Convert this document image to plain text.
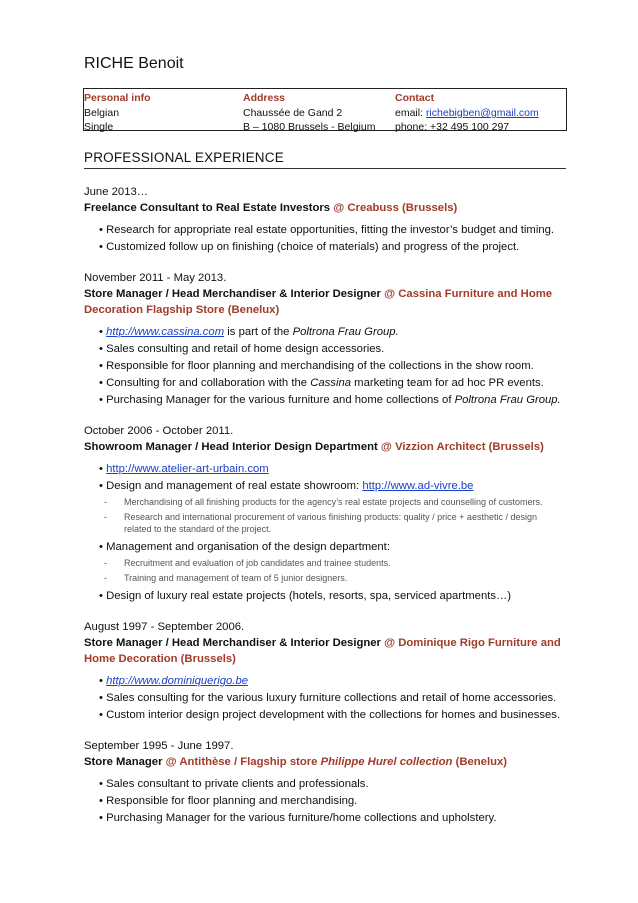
RICHE Benoit
Personal info
Belgian
Single
Address
Chaussée de Gand 2
B – 1080 Brussels - Belgium
Contact
email: richebigben@gmail.com
phone: +32 495 100 297
PROFESSIONAL EXPERIENCE
June 2013…
Freelance Consultant to Real Estate Investors @ Creabuss (Brussels)
• Research for appropriate real estate opportunities, fitting the investor’s budget and timing.
• Customized follow up on finishing (choice of materials) and progress of the project.
November 2011 - May 2013.
Store Manager / Head Merchandiser & Interior Designer @ Cassina Furniture and Home Decoration Flagship Store (Benelux)
• http://www.cassina.com is part of the Poltrona Frau Group.
• Sales consulting and retail of home design accessories.
• Responsible for floor planning and merchandising of the collections in the show room.
• Consulting for and collaboration with the Cassina marketing team for ad hoc PR events.
• Purchasing Manager for the various furniture and home collections of Poltrona Frau Group.
October 2006 - October 2011.
Showroom Manager / Head Interior Design Department @ Vizzion Architect (Brussels)
• http://www.atelier-art-urbain.com
• Design and management of real estate showroom: http://www.ad-vivre.be
- Merchandising of all finishing products for the agency’s real estate projects and counselling of customers.
- Research and international procurement of various finishing products: quality / price + aesthetic / design related to the standard of the project.
• Management and organisation of the design department:
- Recruitment and evaluation of job candidates and trainee students.
- Training and management of team of 5 junior designers.
• Design of luxury real estate projects (hotels, resorts, spa, serviced apartments…)
August 1997 - September 2006.
Store Manager / Head Merchandiser & Interior Designer @ Dominique Rigo Furniture and Home Decoration (Brussels)
• http://www.dominiquerigo.be
• Sales consulting for the various luxury furniture collections and retail of home accessories.
• Custom interior design project development with the collections for homes and businesses.
September 1995 - June 1997.
Store Manager @ Antithèse / Flagship store Philippe Hurel collection (Benelux)
• Sales consultant to private clients and professionals.
• Responsible for floor planning and merchandising.
• Purchasing Manager for the various furniture/home collections and upholstery.
